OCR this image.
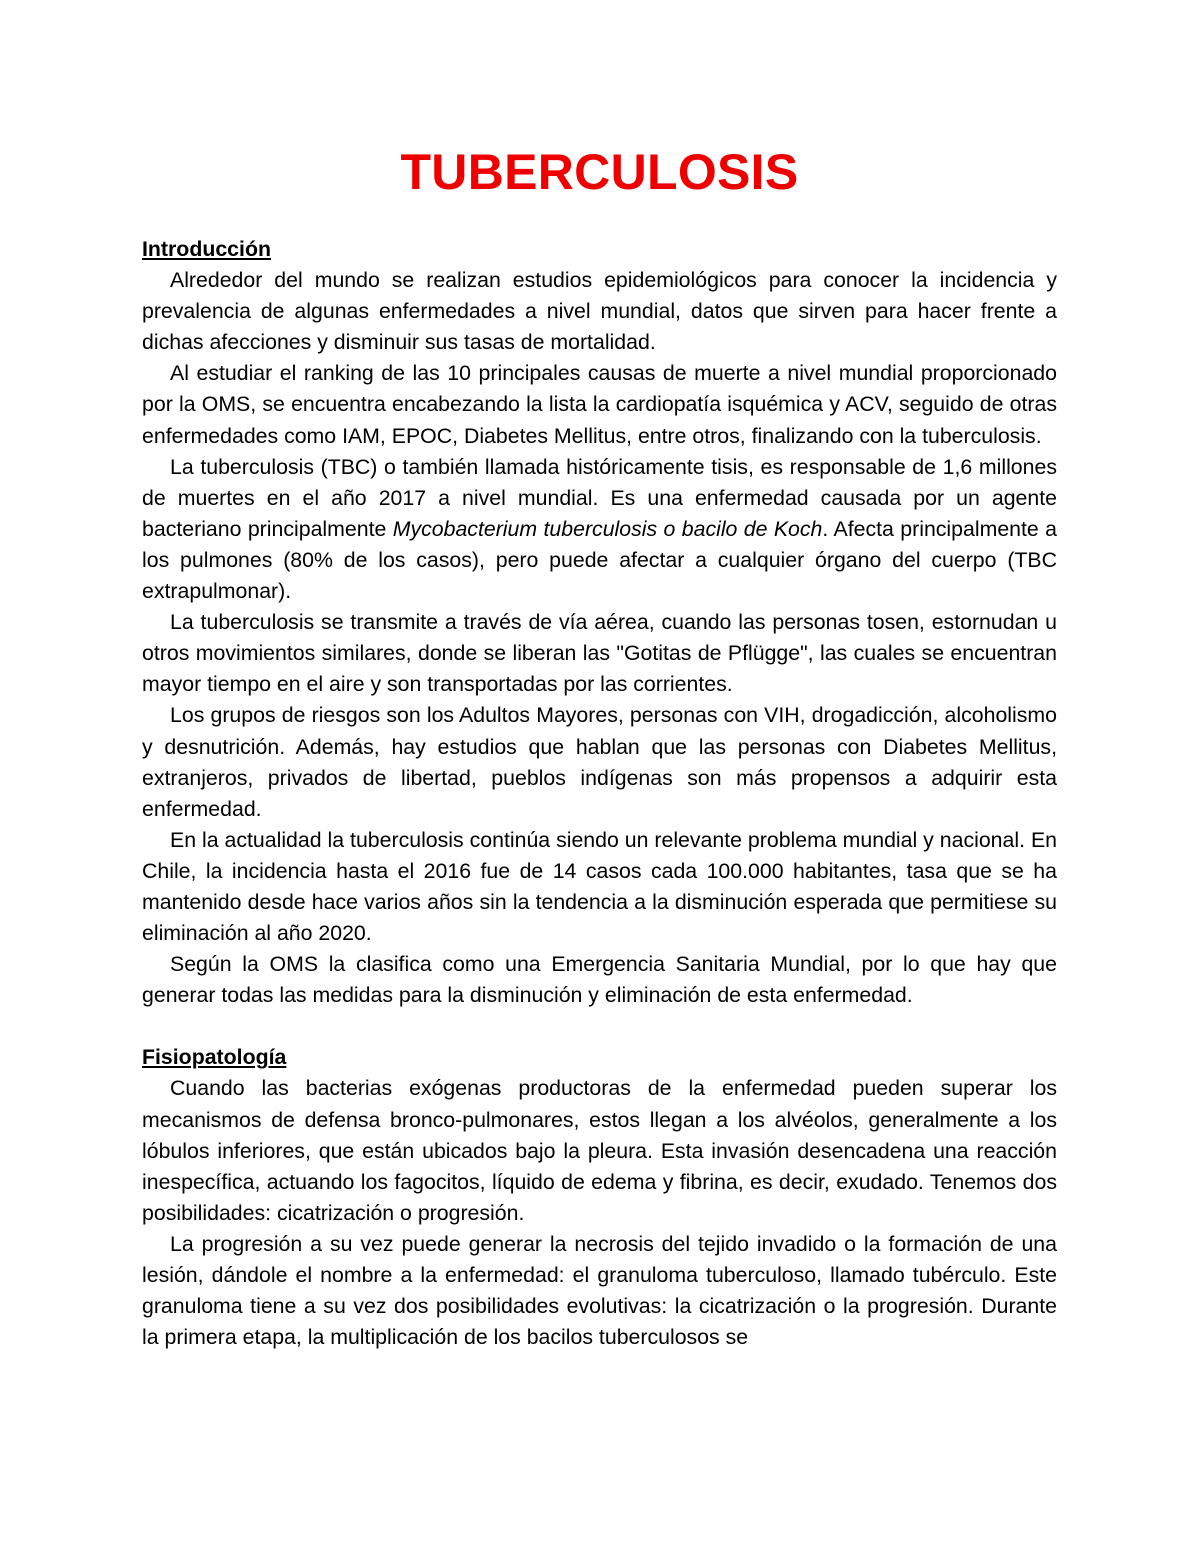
TUBERCULOSIS

Introducción

Alrededor del mundo se realizan estudios epidemiológicos para conocer la incidencia y prevalencia de algunas enfermedades a nivel mundial, datos que sirven para hacer frente a dichas afecciones y disminuir sus tasas de mortalidad.

Al estudiar el ranking de las 10 principales causas de muerte a nivel mundial proporcionado por la OMS, se encuentra encabezando la lista la cardiopatía isquémica y ACV, seguido de otras enfermedades como IAM, EPOC, Diabetes Mellitus, entre otros, finalizando con la tuberculosis.

La tuberculosis (TBC) o también llamada históricamente tisis, es responsable de 1,6 millones de muertes en el año 2017 a nivel mundial. Es una enfermedad causada por un agente bacteriano principalmente Mycobacterium tuberculosis o bacilo de Koch. Afecta principalmente a los pulmones (80% de los casos), pero puede afectar a cualquier órgano del cuerpo (TBC extrapulmonar).

La tuberculosis se transmite a través de vía aérea, cuando las personas tosen, estornudan u otros movimientos similares, donde se liberan las "Gotitas de Pflügge", las cuales se encuentran mayor tiempo en el aire y son transportadas por las corrientes.

Los grupos de riesgos son los Adultos Mayores, personas con VIH, drogadicción, alcoholismo y desnutrición. Además, hay estudios que hablan que las personas con Diabetes Mellitus, extranjeros, privados de libertad, pueblos indígenas son más propensos a adquirir esta enfermedad.

En la actualidad la tuberculosis continúa siendo un relevante problema mundial y nacional. En Chile, la incidencia hasta el 2016 fue de 14 casos cada 100.000 habitantes, tasa que se ha mantenido desde hace varios años sin la tendencia a la disminución esperada que permitiese su eliminación al año 2020.

Según la OMS la clasifica como una Emergencia Sanitaria Mundial, por lo que hay que generar todas las medidas para la disminución y eliminación de esta enfermedad.

Fisiopatología

Cuando las bacterias exógenas productoras de la enfermedad pueden superar los mecanismos de defensa bronco-pulmonares, estos llegan a los alvéolos, generalmente a los lóbulos inferiores, que están ubicados bajo la pleura. Esta invasión desencadena una reacción inespecífica, actuando los fagocitos, líquido de edema y fibrina, es decir, exudado. Tenemos dos posibilidades: cicatrización o progresión.

La progresión a su vez puede generar la necrosis del tejido invadido o la formación de una lesión, dándole el nombre a la enfermedad: el granuloma tuberculoso, llamado tubérculo. Este granuloma tiene a su vez dos posibilidades evolutivas: la cicatrización o la progresión. Durante la primera etapa, la multiplicación de los bacilos tuberculosos se
